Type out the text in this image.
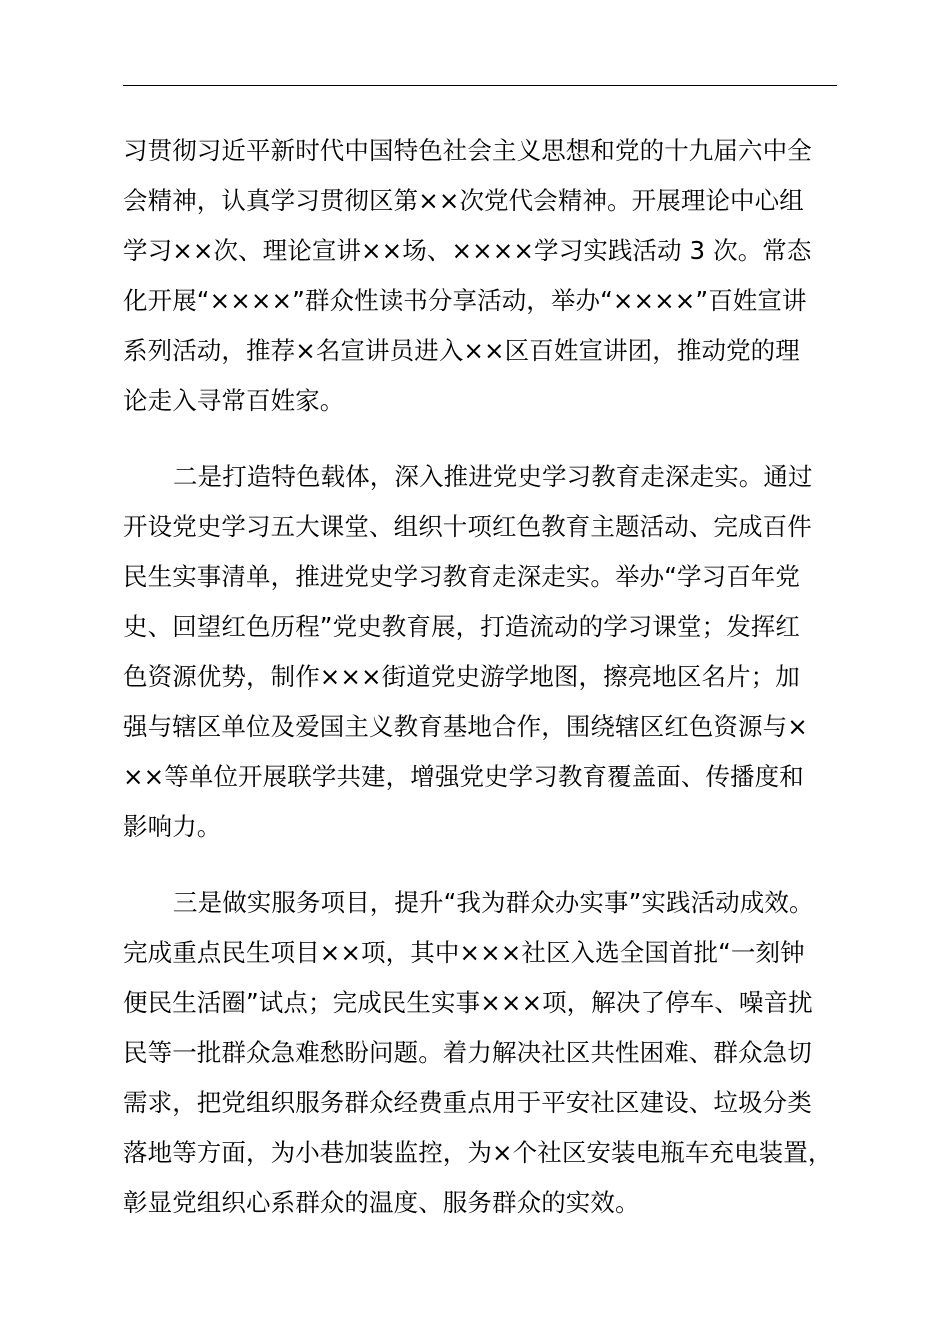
习贯彻习近平新时代中国特色社会主义思想和党的十九届六中全
会精神，认真学习贯彻区第××次党代会精神。开展理论中心组
学习××次、理论宣讲××场、××××学习实践活动 3 次。常态
化开展“××××”群众性读书分享活动，举办“××××”百姓宣讲
系列活动，推荐×名宣讲员进入××区百姓宣讲团，推动党的理
论走入寻常百姓家。
二是打造特色载体，深入推进党史学习教育走深走实。通过
开设党史学习五大课堂、组织十项红色教育主题活动、完成百件
民生实事清单，推进党史学习教育走深走实。举办“学习百年党
史、回望红色历程”党史教育展，打造流动的学习课堂；发挥红
色资源优势，制作×××街道党史游学地图，擦亮地区名片；加
强与辖区单位及爱国主义教育基地合作，围绕辖区红色资源与×
××等单位开展联学共建，增强党史学习教育覆盖面、传播度和
影响力。
三是做实服务项目，提升“我为群众办实事”实践活动成效。
完成重点民生项目××项，其中×××社区入选全国首批“一刻钟
便民生活圈”试点；完成民生实事×××项，解决了停车、噪音扰
民等一批群众急难愁盼问题。着力解决社区共性困难、群众急切
需求，把党组织服务群众经费重点用于平安社区建设、垃圾分类
落地等方面，为小巷加装监控，为×个社区安装电瓶车充电装置，
彰显党组织心系群众的温度、服务群众的实效。
